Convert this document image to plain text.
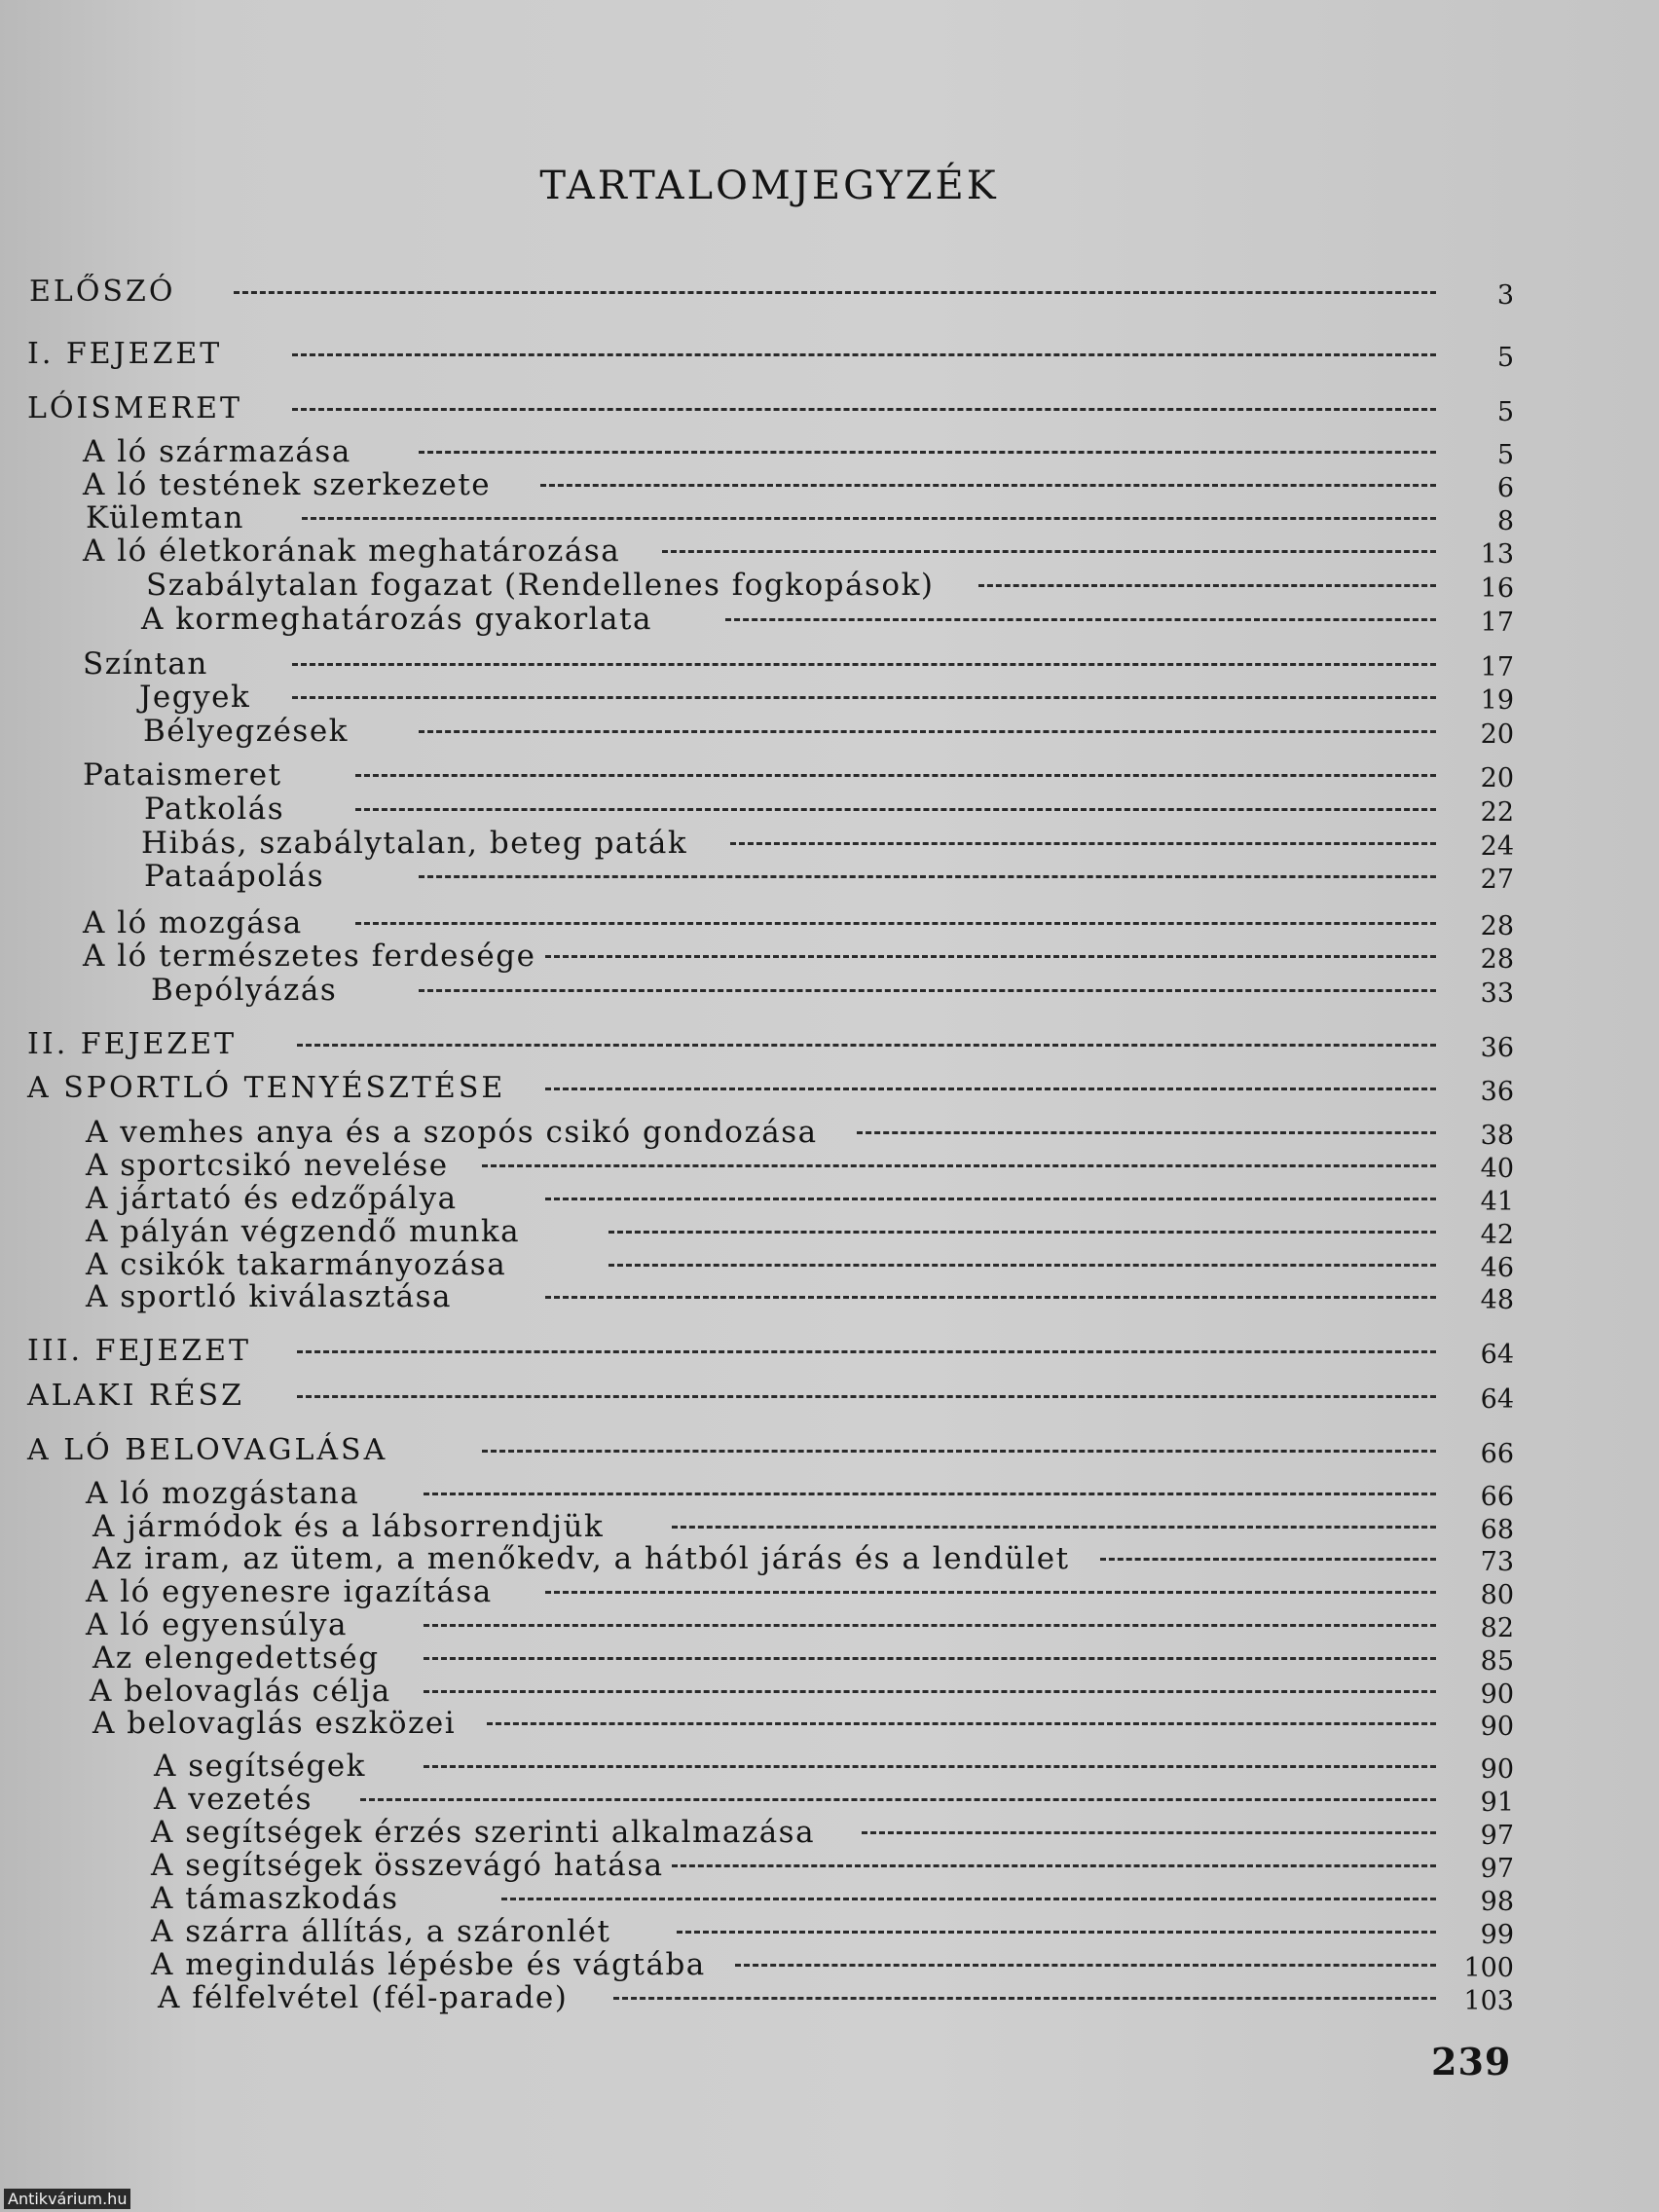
TARTALOMJEGYZÉK
ELŐSZÓ	3
I. FEJEZET	5
LÓISMERET	5
A ló származása	5
A ló testének szerkezete	6
Külemtan	8
A ló életkorának meghatározása	13
Szabálytalan fogazat (Rendellenes fogkopások)	16
A kormeghatározás gyakorlata	17
Színtan	17
Jegyek	19
Bélyegzések	20
Pataismeret	20
Patkolás	22
Hibás, szabálytalan, beteg paták	24
Pataápolás	27
A ló mozgása	28
A ló természetes ferdesége	28
Bepólyázás	33
II. FEJEZET	36
A SPORTLÓ TENYÉSZTÉSE	36
A vemhes anya és a szopós csikó gondozása	38
A sportcsikó nevelése	40
A jártató és edzőpálya	41
A pályán végzendő munka	42
A csikók takarmányozása	46
A sportló kiválasztása	48
III. FEJEZET	64
ALAKI RÉSZ	64
A LÓ BELOVAGLÁSA	66
A ló mozgástana	66
A jármódok és a lábsorrendjük	68
Az iram, az ütem, a menőkedv, a hátból járás és a lendület	73
A ló egyenesre igazítása	80
A ló egyensúlya	82
Az elengedettség	85
A belovaglás célja	90
A belovaglás eszközei	90
A segítségek	90
A vezetés	91
A segítségek érzés szerinti alkalmazása	97
A segítségek összevágó hatása	97
A támaszkodás	98
A szárra állítás, a száronlét	99
A megindulás lépésbe és vágtába	100
A félfelvétel (fél-parade)	103
239
Antikvárium.hu
